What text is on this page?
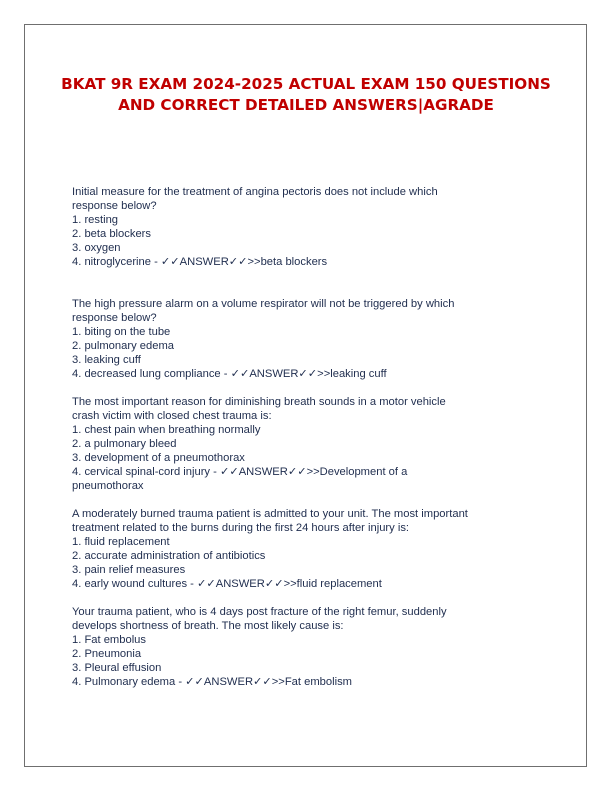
BKAT 9R EXAM 2024-2025 ACTUAL EXAM 150 QUESTIONS
AND CORRECT DETAILED ANSWERS|AGRADE
Initial measure for the treatment of angina pectoris does not include which
response below?
1. resting
2. beta blockers
3. oxygen
4. nitroglycerine - ✓✓ANSWER✓✓>>beta blockers
The high pressure alarm on a volume respirator will not be triggered by which
response below?
1. biting on the tube
2. pulmonary edema
3. leaking cuff
4. decreased lung compliance - ✓✓ANSWER✓✓>>leaking cuff
The most important reason for diminishing breath sounds in a motor vehicle
crash victim with closed chest trauma is:
1. chest pain when breathing normally
2. a pulmonary bleed
3. development of a pneumothorax
4. cervical spinal-cord injury - ✓✓ANSWER✓✓>>Development of a
pneumothorax
A moderately burned trauma patient is admitted to your unit. The most important
treatment related to the burns during the first 24 hours after injury is:
1. fluid replacement
2. accurate administration of antibiotics
3. pain relief measures
4. early wound cultures - ✓✓ANSWER✓✓>>fluid replacement
Your trauma patient, who is 4 days post fracture of the right femur, suddenly
develops shortness of breath. The most likely cause is:
1. Fat embolus
2. Pneumonia
3. Pleural effusion
4. Pulmonary edema - ✓✓ANSWER✓✓>>Fat embolism
